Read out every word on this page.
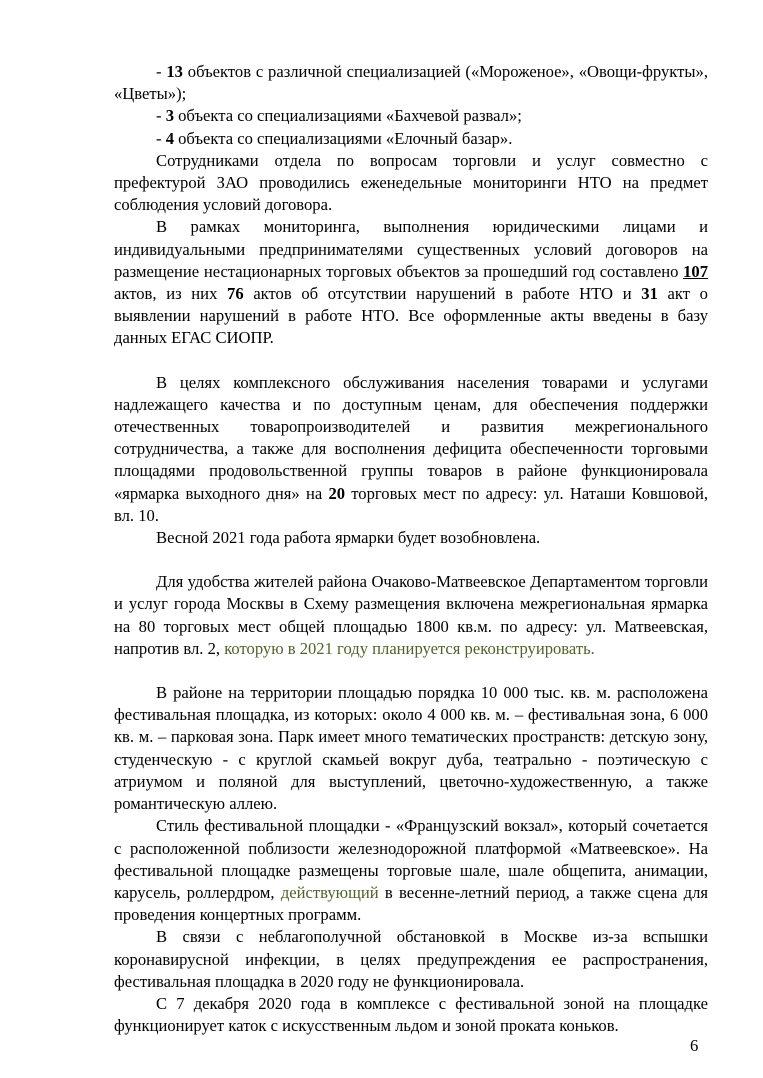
- 13 объектов с различной специализацией («Мороженое», «Овощи-фрукты», «Цветы»);

- 3 объекта со специализациями «Бахчевой развал»;

- 4 объекта со специализациями «Елочный базар».

Сотрудниками отдела по вопросам торговли и услуг совместно с префектурой ЗАО проводились еженедельные мониторинги НТО на предмет соблюдения условий договора.

В рамках мониторинга, выполнения юридическими лицами и индивидуальными предпринимателями существенных условий договоров на размещение нестационарных торговых объектов за прошедший год составлено 107 актов, из них 76 актов об отсутствии нарушений в работе НТО и 31 акт о выявлении нарушений в работе НТО. Все оформленные акты введены в базу данных ЕГАС СИОПР.

В целях комплексного обслуживания населения товарами и услугами надлежащего качества и по доступным ценам, для обеспечения поддержки отечественных товаропроизводителей и развития межрегионального сотрудничества, а также для восполнения дефицита обеспеченности торговыми площадями продовольственной группы товаров в районе функционировала «ярмарка выходного дня» на 20 торговых мест по адресу: ул. Наташи Ковшовой, вл. 10.

Весной 2021 года работа ярмарки будет возобновлена.

Для удобства жителей района Очаково-Матвеевское Департаментом торговли и услуг города Москвы в Схему размещения включена межрегиональная ярмарка на 80 торговых мест общей площадью 1800 кв.м. по адресу: ул. Матвеевская, напротив вл. 2, которую в 2021 году планируется реконструировать.

В районе на территории площадью порядка 10 000 тыс. кв. м. расположена фестивальная площадка, из которых: около 4 000 кв. м. – фестивальная зона, 6 000 кв. м. – парковая зона. Парк имеет много тематических пространств: детскую зону, студенческую - с круглой скамьей вокруг дуба, театрально - поэтическую с атриумом и поляной для выступлений, цветочно-художественную, а также романтическую аллею.

Стиль фестивальной площадки - «Французский вокзал», который сочетается с расположенной поблизости железнодорожной платформой «Матвеевское». На фестивальной площадке размещены торговые шале, шале общепита, анимации, карусель, роллердром, действующий в весенне-летний период, а также сцена для проведения концертных программ.

В связи с неблагополучной обстановкой в Москве из-за вспышки коронавирусной инфекции, в целях предупреждения ее распространения, фестивальная площадка в 2020 году не функционировала.

С 7 декабря 2020 года в комплексе с фестивальной зоной на площадке функционирует каток с искусственным льдом и зоной проката коньков.

6
